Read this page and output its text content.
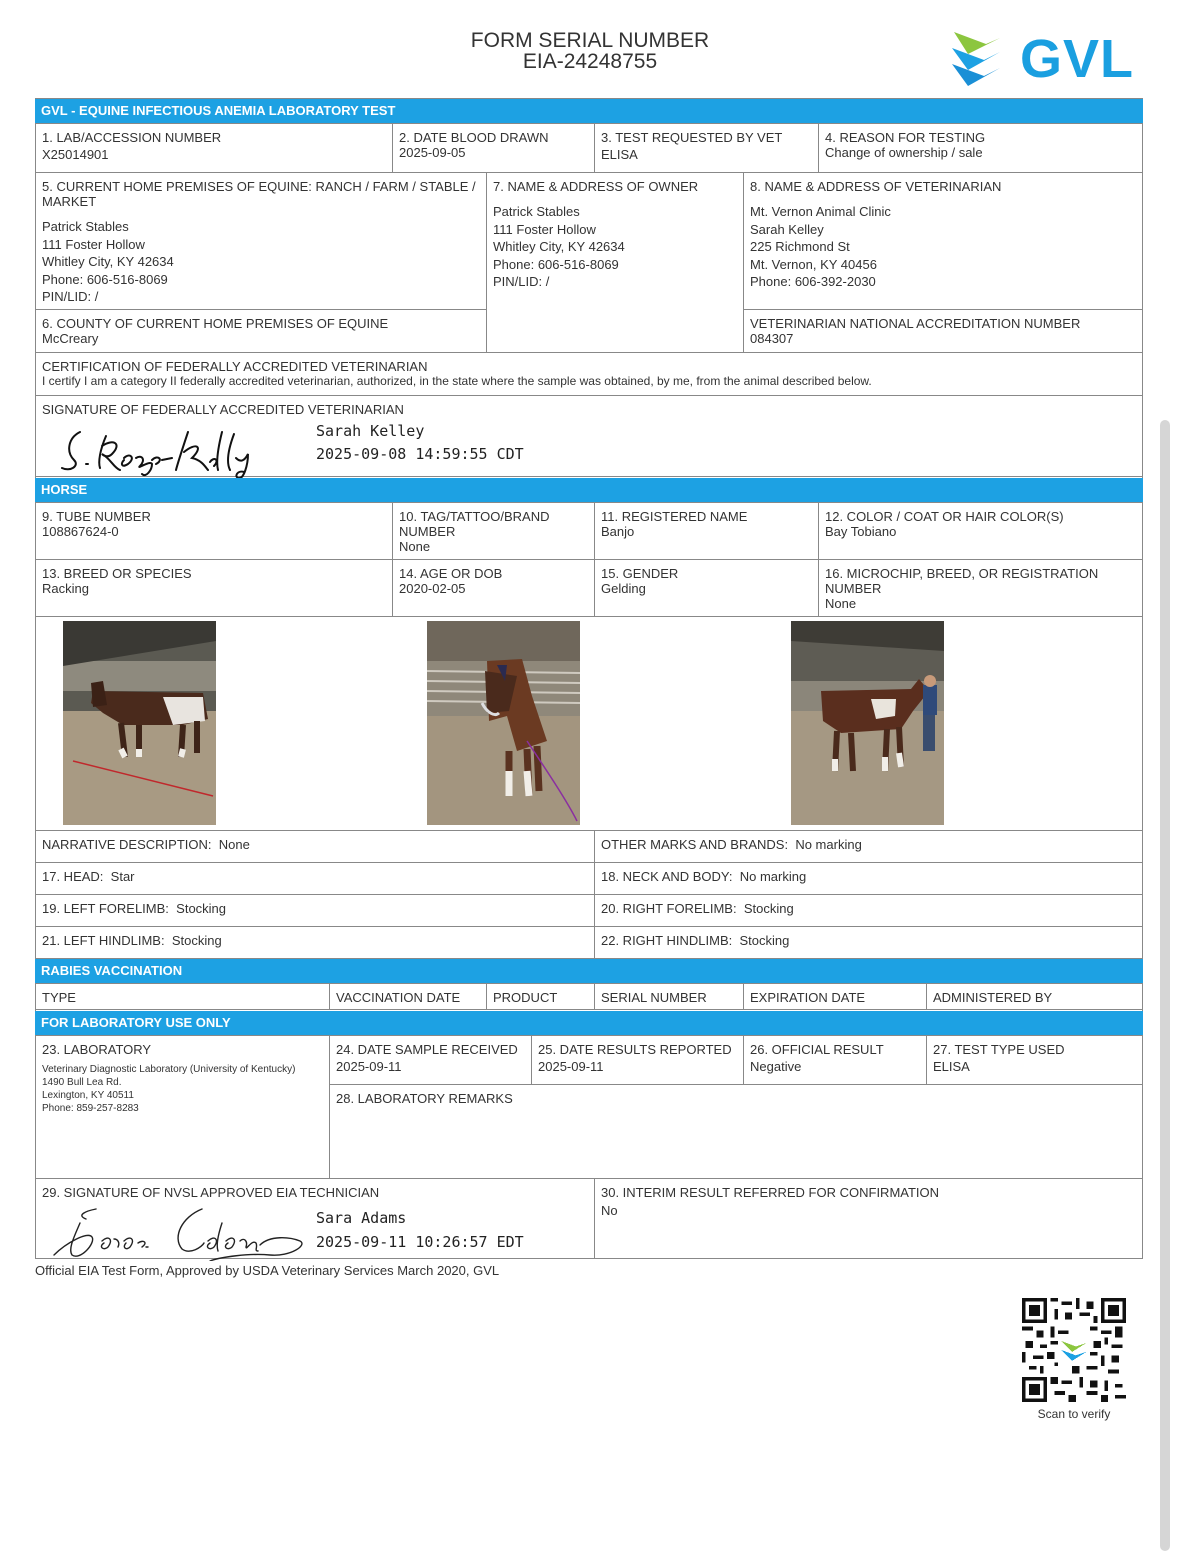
FORM SERIAL NUMBER
EIA-24248755	GVL
GVL - EQUINE INFECTIOUS ANEMIA LABORATORY TEST
1. LAB/ACCESSION NUMBER
X25014901
2. DATE BLOOD DRAWN
2025-09-05
3. TEST REQUESTED BY VET
ELISA
4. REASON FOR TESTING
Change of ownership / sale
5. CURRENT HOME PREMISES OF EQUINE: RANCH / FARM / STABLE / MARKET
Patrick Stables
111 Foster Hollow
Whitley City, KY 42634
Phone: 606-516-8069
PIN/LID: /
7. NAME & ADDRESS OF OWNER
Patrick Stables
111 Foster Hollow
Whitley City, KY 42634
Phone: 606-516-8069
PIN/LID: /
8. NAME & ADDRESS OF VETERINARIAN
Mt. Vernon Animal Clinic
Sarah Kelley
225 Richmond St
Mt. Vernon, KY 40456
Phone: 606-392-2030
6. COUNTY OF CURRENT HOME PREMISES OF EQUINE
McCreary
VETERINARIAN NATIONAL ACCREDITATION NUMBER
084307
CERTIFICATION OF FEDERALLY ACCREDITED VETERINARIAN
I certify I am a category II federally accredited veterinarian, authorized, in the state where the sample was obtained, by me, from the animal described below.
SIGNATURE OF FEDERALLY ACCREDITED VETERINARIAN
Sarah Kelley
2025-09-08 14:59:55 CDT
HORSE
9. TUBE NUMBER
108867624-0
10. TAG/TATTOO/BRAND NUMBER
None
11. REGISTERED NAME
Banjo
12. COLOR / COAT OR HAIR COLOR(S)
Bay Tobiano
13. BREED OR SPECIES
Racking
14. AGE OR DOB
2020-02-05
15. GENDER
Gelding
16. MICROCHIP, BREED, OR REGISTRATION NUMBER
None
NARRATIVE DESCRIPTION: None	OTHER MARKS AND BRANDS: No marking
17. HEAD: Star	18. NECK AND BODY: No marking
19. LEFT FORELIMB: Stocking	20. RIGHT FORELIMB: Stocking
21. LEFT HINDLIMB: Stocking	22. RIGHT HINDLIMB: Stocking
RABIES VACCINATION
TYPE	VACCINATION DATE	PRODUCT	SERIAL NUMBER	EXPIRATION DATE	ADMINISTERED BY
FOR LABORATORY USE ONLY
23. LABORATORY
Veterinary Diagnostic Laboratory (University of Kentucky)
1490 Bull Lea Rd.
Lexington, KY 40511
Phone: 859-257-8283
24. DATE SAMPLE RECEIVED
2025-09-11
25. DATE RESULTS REPORTED
2025-09-11
26. OFFICIAL RESULT
Negative
27. TEST TYPE USED
ELISA
28. LABORATORY REMARKS
29. SIGNATURE OF NVSL APPROVED EIA TECHNICIAN
Sara Adams
2025-09-11 10:26:57 EDT
30. INTERIM RESULT REFERRED FOR CONFIRMATION
No
Official EIA Test Form, Approved by USDA Veterinary Services March 2020, GVL
Scan to verify
